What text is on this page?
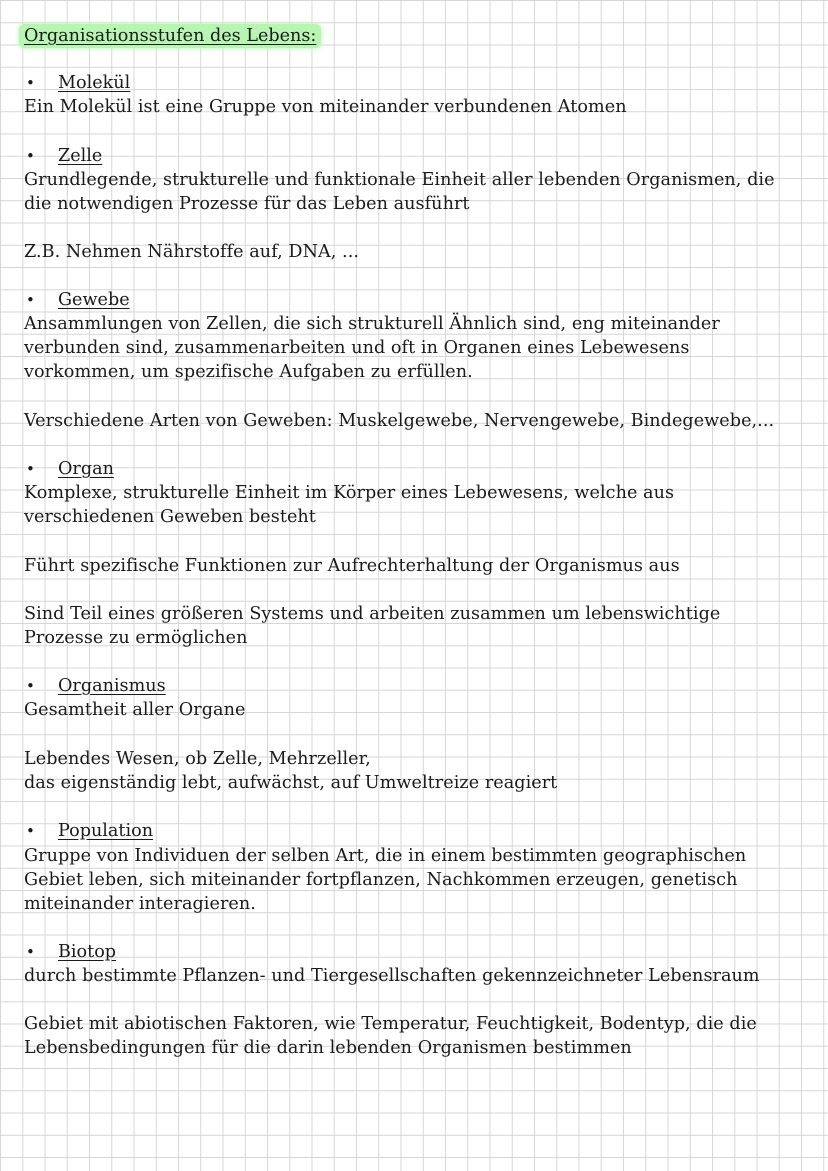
Organisationsstufen des Lebens:
• Molekül
Ein Molekül ist eine Gruppe von miteinander verbundenen Atomen
• Zelle
Grundlegende, strukturelle und funktionale Einheit aller lebenden Organismen, die
die notwendigen Prozesse für das Leben ausführt
Z.B. Nehmen Nährstoffe auf, DNA, ...
• Gewebe
Ansammlungen von Zellen, die sich strukturell Ähnlich sind, eng miteinander
verbunden sind, zusammenarbeiten und oft in Organen eines Lebewesens
vorkommen, um spezifische Aufgaben zu erfüllen.
Verschiedene Arten von Geweben: Muskelgewebe, Nervengewebe, Bindegewebe,...
• Organ
Komplexe, strukturelle Einheit im Körper eines Lebewesens, welche aus
verschiedenen Geweben besteht
Führt spezifische Funktionen zur Aufrechterhaltung der Organismus aus
Sind Teil eines größeren Systems und arbeiten zusammen um lebenswichtige
Prozesse zu ermöglichen
• Organismus
Gesamtheit aller Organe
Lebendes Wesen, ob Zelle, Mehrzeller,
das eigenständig lebt, aufwächst, auf Umweltreize reagiert
• Population
Gruppe von Individuen der selben Art, die in einem bestimmten geographischen
Gebiet leben, sich miteinander fortpflanzen, Nachkommen erzeugen, genetisch
miteinander interagieren.
• Biotop
durch bestimmte Pflanzen- und Tiergesellschaften gekennzeichneter Lebensraum
Gebiet mit abiotischen Faktoren, wie Temperatur, Feuchtigkeit, Bodentyp, die die
Lebensbedingungen für die darin lebenden Organismen bestimmen
